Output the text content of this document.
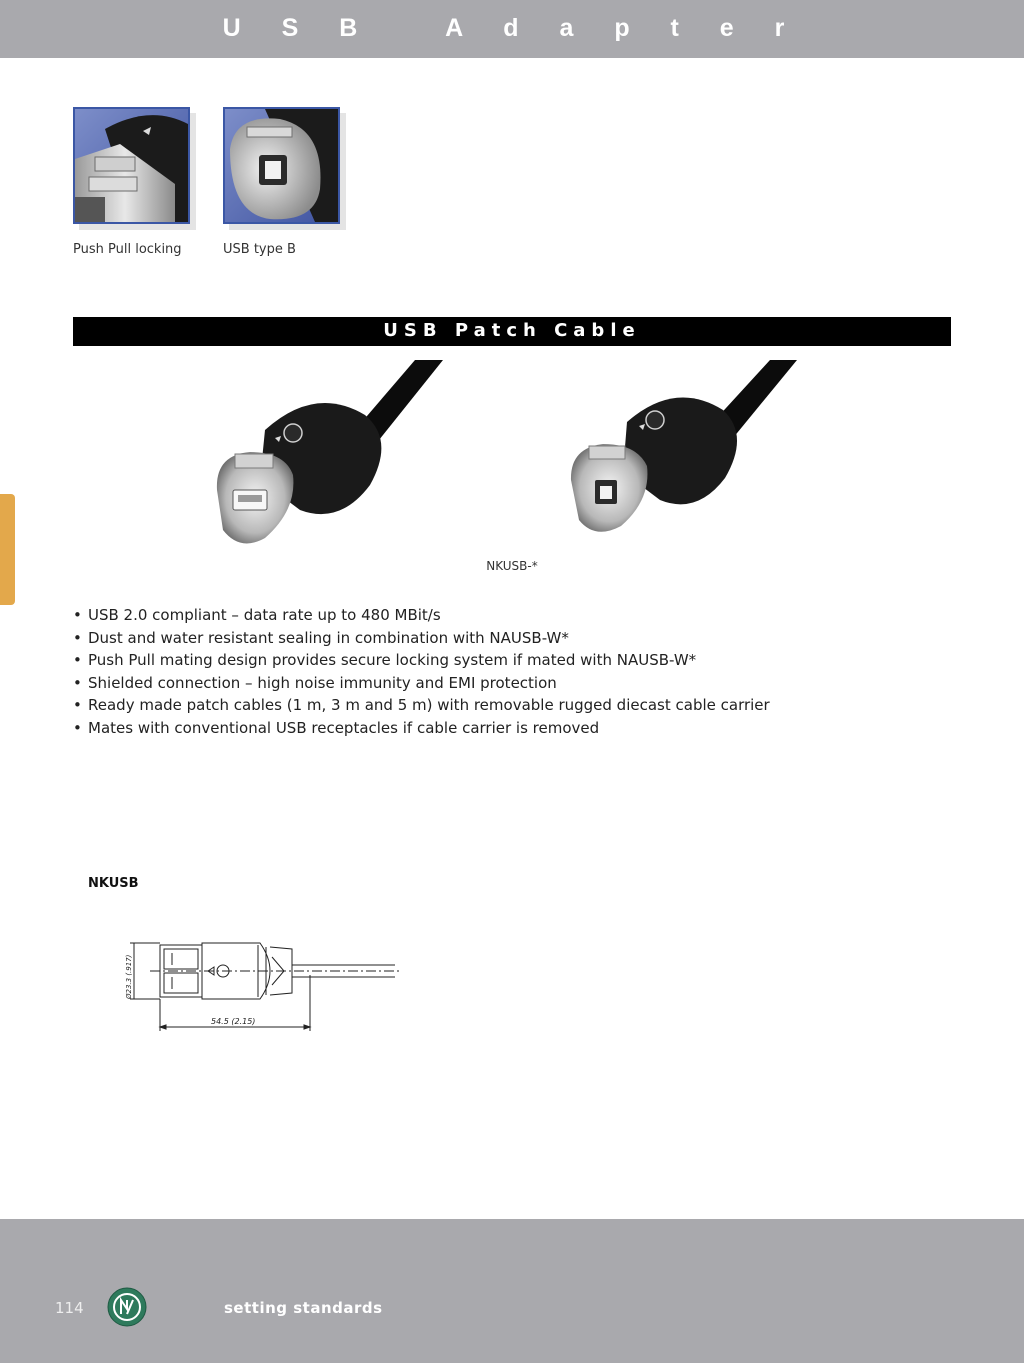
U S B   A d a p t e r
Push Pull locking	USB type B
USB Patch Cable
NKUSB-*
• USB 2.0 compliant – data rate up to 480 MBit/s
• Dust and water resistant sealing in combination with NAUSB-W*
• Push Pull mating design provides secure locking system if mated with NAUSB-W*
• Shielded connection – high noise immunity and EMI protection
• Ready made patch cables (1 m, 3 m and 5 m) with removable rugged diecast cable carrier
• Mates with conventional USB receptacles if cable carrier is removed
NKUSB
54.5 (2.15)
Ø23.3 (.917)
114	setting standards
